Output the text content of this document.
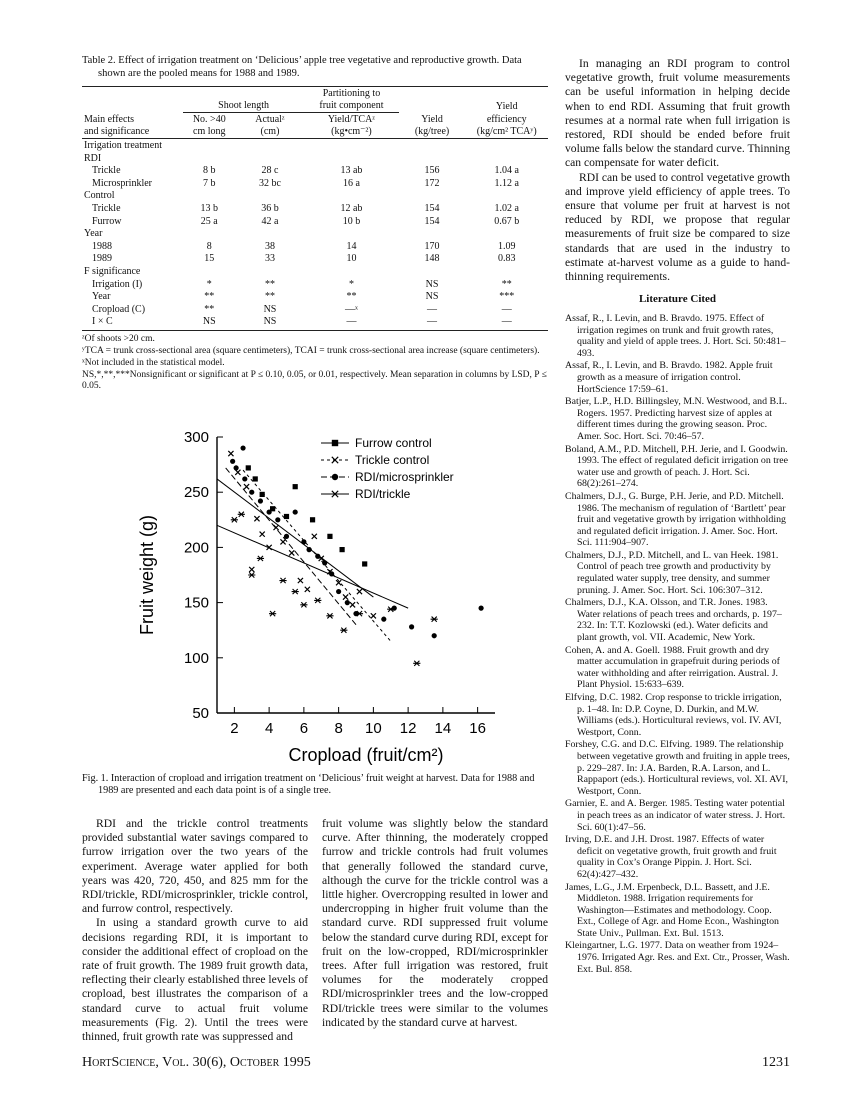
Table 2. Effect of irrigation treatment on ‘Delicious’ apple tree vegetative and reproductive growth. Data shown are the pooled means for 1988 and 1989.
			Partitioning to		
	Shoot length		fruit component		Yield
Main effects	No. >40	Actualᶻ	Yield/TCAᶻ	Yield	efficiency
and significance	cm long	(cm)	(kg•cm⁻²)	(kg/tree)	(kg/cm² TCAʸ)
Irrigation treatment					
RDI					
Trickle	8 b	28 c	13 ab	156	1.04 a
Microsprinkler	7 b	32 bc	16 a	172	1.12 a
Control					
Trickle	13 b	36 b	12 ab	154	1.02 a
Furrow	25 a	42 a	10 b	154	0.67 b
Year					
1988	8	38	14	170	1.09
1989	15	33	10	148	0.83
F significance					
Irrigation (I)	*	**	*	NS	**
Year	**	**	**	NS	***
Cropload (C)	**	NS	—ˣ	—	—
I × C	NS	NS	—	—	—
ᶻOf shoots >20 cm.
ʸTCA = trunk cross-sectional area (square centimeters), TCAI = trunk cross-sectional area increase (square centimeters).
ˣNot included in the statistical model.
NS,*,**,***Nonsignificant or significant at P ≤ 0.10, 0.05, or 0.01, respectively. Mean separation in columns by LSD, P ≤ 0.05.
50
100
150
200
250
300
2 4 6 8 10 12 14 16
Cropload (fruit/cm²)
Fruit weight (g)
Furrow control
Trickle control
RDI/microsprinkler
RDI/trickle
Fig. 1. Interaction of cropload and irrigation treatment on ‘Delicious’ fruit weight at harvest. Data for 1988 and 1989 are presented and each data point is of a single tree.

RDI and the trickle control treatments provided substantial water savings compared to furrow irrigation over the two years of the experiment. Average water applied for both years was 420, 720, 450, and 825 mm for the RDI/trickle, RDI/microsprinkler, trickle control, and furrow control, respectively.

In using a standard growth curve to aid decisions regarding RDI, it is important to consider the additional effect of cropload on the rate of fruit growth. The 1989 fruit growth data, reflecting their clearly established three levels of cropload, best illustrates the comparison of a standard curve to actual fruit volume measurements (Fig. 2). Until the trees were thinned, fruit growth rate was suppressed and

fruit volume was slightly below the standard curve. After thinning, the moderately cropped furrow and trickle controls had fruit volumes that generally followed the standard curve, although the curve for the trickle control was a little higher. Overcropping resulted in lower and undercropping in higher fruit volume than the standard curve. RDI suppressed fruit volume below the standard curve during RDI, except for fruit on the low-cropped, RDI/microsprinkler trees. After full irrigation was restored, fruit volumes for the moderately cropped RDI/microsprinkler trees and the low-cropped RDI/trickle trees were similar to the volumes indicated by the standard curve at harvest.

In managing an RDI program to control vegetative growth, fruit volume measurements can be useful information in helping decide when to end RDI. Assuming that fruit growth resumes at a normal rate when full irrigation is restored, RDI should be ended before fruit volume falls below the standard curve. Thinning can compensate for water deficit.

RDI can be used to control vegetative growth and improve yield efficiency of apple trees. To ensure that volume per fruit at harvest is not reduced by RDI, we propose that regular measurements of fruit size be compared to size standards that are used in the industry to estimate at-harvest volume as a guide to hand-thinning requirements.

Literature Cited
Assaf, R., I. Levin, and B. Bravdo. 1975. Effect of irrigation regimes on trunk and fruit growth rates, quality and yield of apple trees. J. Hort. Sci. 50:481–493.
Assaf, R., I. Levin, and B. Bravdo. 1982. Apple fruit growth as a measure of irrigation control. HortScience 17:59–61.
Batjer, L.P., H.D. Billingsley, M.N. Westwood, and B.L. Rogers. 1957. Predicting harvest size of apples at different times during the growing season. Proc. Amer. Soc. Hort. Sci. 70:46–57.
Boland, A.M., P.D. Mitchell, P.H. Jerie, and I. Goodwin. 1993. The effect of regulated deficit irrigation on tree water use and growth of peach. J. Hort. Sci. 68(2):261–274.
Chalmers, D.J., G. Burge, P.H. Jerie, and P.D. Mitchell. 1986. The mechanism of regulation of ‘Bartlett’ pear fruit and vegetative growth by irrigation withholding and regulated deficit irrigation. J. Amer. Soc. Hort. Sci. 111:904–907.
Chalmers, D.J., P.D. Mitchell, and L. van Heek. 1981. Control of peach tree growth and productivity by regulated water supply, tree density, and summer pruning. J. Amer. Soc. Hort. Sci. 106:307–312.
Chalmers, D.J., K.A. Olsson, and T.R. Jones. 1983. Water relations of peach trees and orchards, p. 197–232. In: T.T. Kozlowski (ed.). Water deficits and plant growth, vol. VII. Academic, New York.
Cohen, A. and A. Goell. 1988. Fruit growth and dry matter accumulation in grapefruit during periods of water withholding and after reirrigation. Austral. J. Plant Physiol. 15:633–639.
Elfving, D.C. 1982. Crop response to trickle irrigation, p. 1–48. In: D.P. Coyne, D. Durkin, and M.W. Williams (eds.). Horticultural reviews, vol. IV. AVI, Westport, Conn.
Forshey, C.G. and D.C. Elfving. 1989. The relationship between vegetative growth and fruiting in apple trees, p. 229–287. In: J.A. Barden, R.A. Larson, and L. Rappaport (eds.). Horticultural reviews, vol. XI. AVI, Westport, Conn.
Garnier, E. and A. Berger. 1985. Testing water potential in peach trees as an indicator of water stress. J. Hort. Sci. 60(1):47–56.
Irving, D.E. and J.H. Drost. 1987. Effects of water deficit on vegetative growth, fruit growth and fruit quality in Cox’s Orange Pippin. J. Hort. Sci. 62(4):427–432.
James, L.G., J.M. Erpenbeck, D.L. Bassett, and J.E. Middleton. 1988. Irrigation requirements for Washington—Estimates and methodology. Coop. Ext., College of Agr. and Home Econ., Washington State Univ., Pullman. Ext. Bul. 1513.
Kleingartner, L.G. 1977. Data on weather from 1924–1976. Irrigated Agr. Res. and Ext. Ctr., Prosser, Wash. Ext. Bul. 858.
HortScience, Vol. 30(6), October 1995	1231
